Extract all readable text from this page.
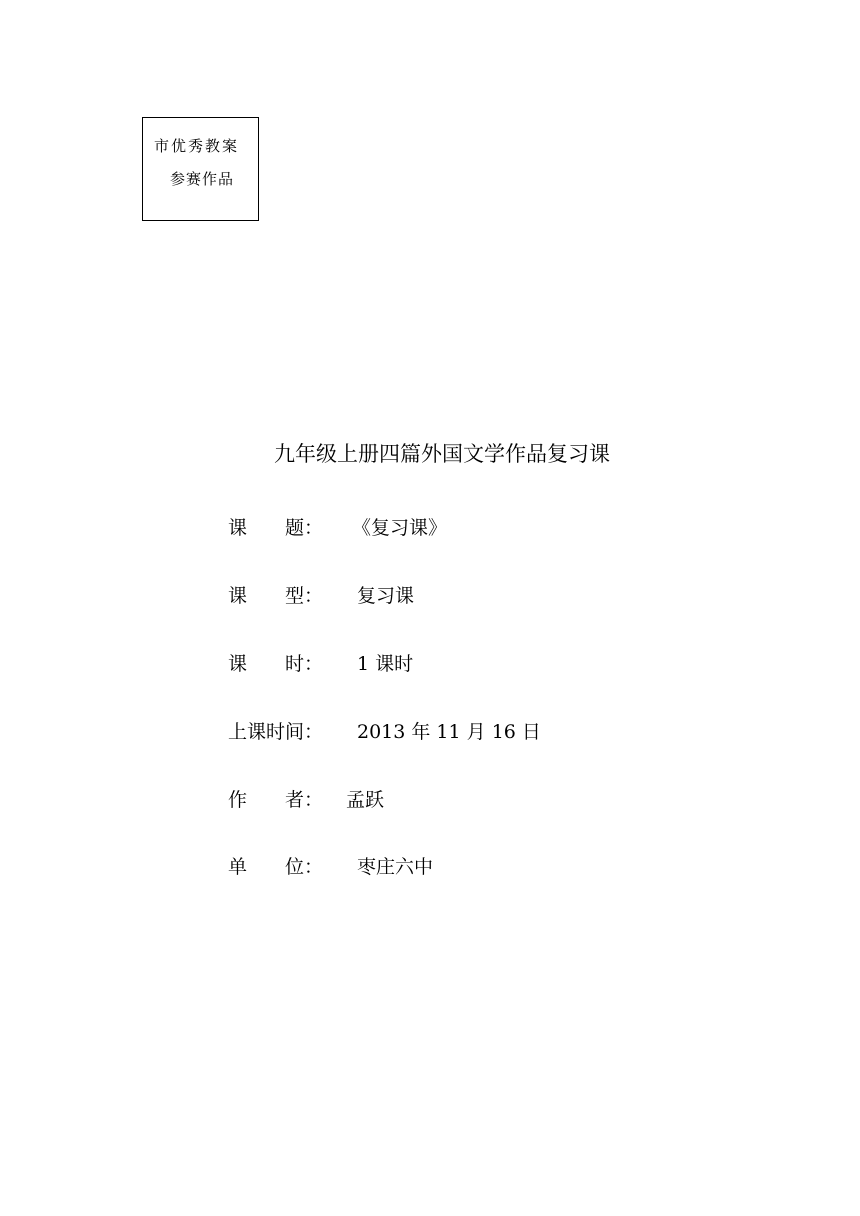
市优秀教案
参赛作品
九年级上册四篇外国文学作品复习课
课　　题： 《复习课》
课　　型： 复习课
课　　时： 1 课时
上课时间： 2013 年 11 月 16 日
作　　者： 孟跃
单　　位： 枣庄六中
